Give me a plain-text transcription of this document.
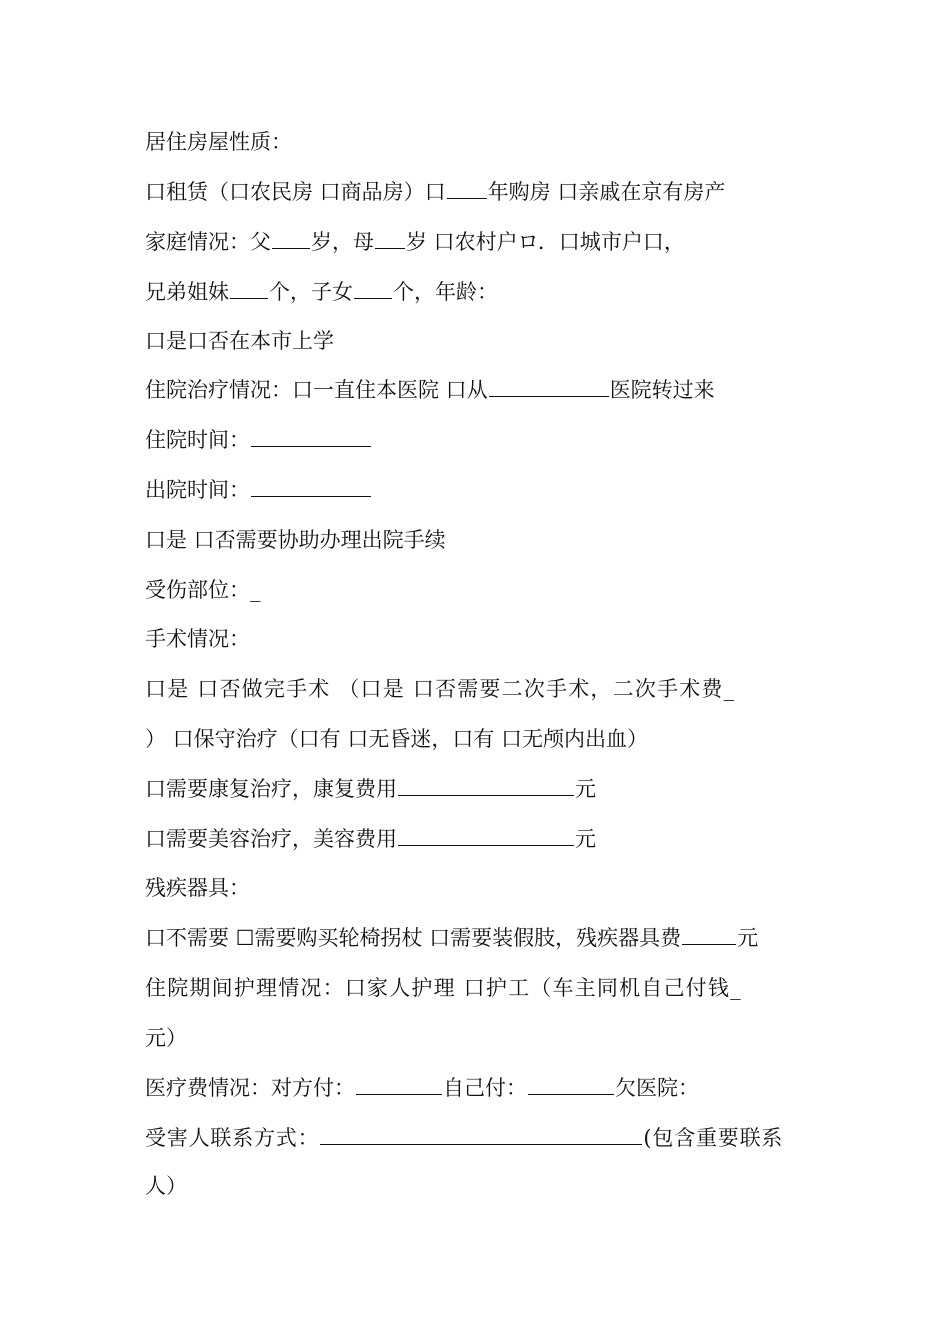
居住房屋性质：
口租赁（口农民房 口商品房）口 年购房 口亲戚在京有房产
家庭情况：父 岁，母 岁 口农村户ロ．口城市户口，
兄弟姐妹 个，子女 个，年龄：
口是口否在本市上学
住院治疗情况：口一直住本医院 口从	医院转过来
住院时间：
出院时间：
口是 口否需要协助办理出院手续
受伤部位：_
手术情况：
口是 口否做完手术 （口是 口否需要二次手术，二次手术费_
） 口保守治疗（口有 口无昏迷，口有 口无颅内出血）
口需要康复治疗，康复费用	元
口需要美容治疗，美容费用	元
残疾器具：
口不需要 ☐需要购买轮椅拐杖 口需要装假肢，残疾器具费	元
住院期间护理情况：口家人护理 口护工（车主同机自己付钱_
元）
医疗费情况：对方付：	自己付：	欠医院：
受害人联系方式：	(包含重要联系
人）
